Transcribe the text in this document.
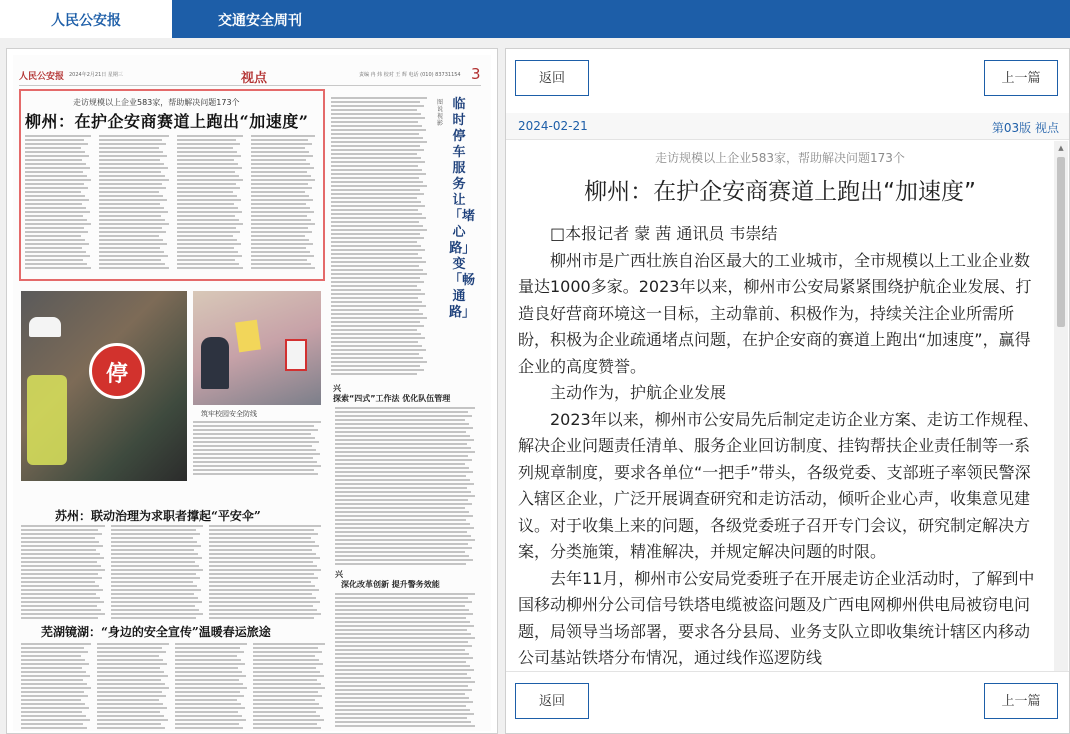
人民公安报	交通安全周刊
人民公安报 2024年2月21日 星期三	视点	责编 冉 炜 校对 王 辉 电话 (010) 83731154 3
走访规模以上企业583家，帮助解决问题173个
柳州：在护企安商赛道上跑出“加速度”
图说视影
临时停车服务让「堵心路」变「畅通路」
停
筑牢校园安全防线
兴
探索“四式”工作法 优化队伍管理
苏州：联动治理为求职者撑起“平安伞”
兴
深化改革创新 提升警务效能
芜湖镜湖：“身边的安全宣传”温暖春运旅途
返回	上一篇
2024-02-21	第03版 视点
走访规模以上企业583家，帮助解决问题173个
柳州：在护企安商赛道上跑出“加速度”

□本报记者 蒙 茜 通讯员 韦崇结

柳州市是广西壮族自治区最大的工业城市，全市规模以上工业企业数量达1000多家。2023年以来，柳州市公安局紧紧围绕护航企业发展、打造良好营商环境这一目标，主动靠前、积极作为，持续关注企业所需所盼，积极为企业疏通堵点问题，在护企安商的赛道上跑出“加速度”，赢得企业的高度赞誉。

主动作为，护航企业发展

2023年以来，柳州市公安局先后制定走访企业方案、走访工作规程、解决企业问题责任清单、服务企业回访制度、挂钩帮扶企业责任制等一系列规章制度，要求各单位“一把手”带头，各级党委、支部班子率领民警深入辖区企业，广泛开展调查研究和走访活动，倾听企业心声，收集意见建议。对于收集上来的问题，各级党委班子召开专门会议，研究制定解决方案，分类施策，精准解决，并规定解决问题的时限。

去年11月，柳州市公安局党委班子在开展走访企业活动时，了解到中国移动柳州分公司信号铁塔电缆被盗问题及广西电网柳州供电局被窃电问题，局领导当场部署，要求各分县局、业务支队立即收集统计辖区内移动公司基站铁塔分布情况，通过线作巡逻防线

▲
返回	上一篇
